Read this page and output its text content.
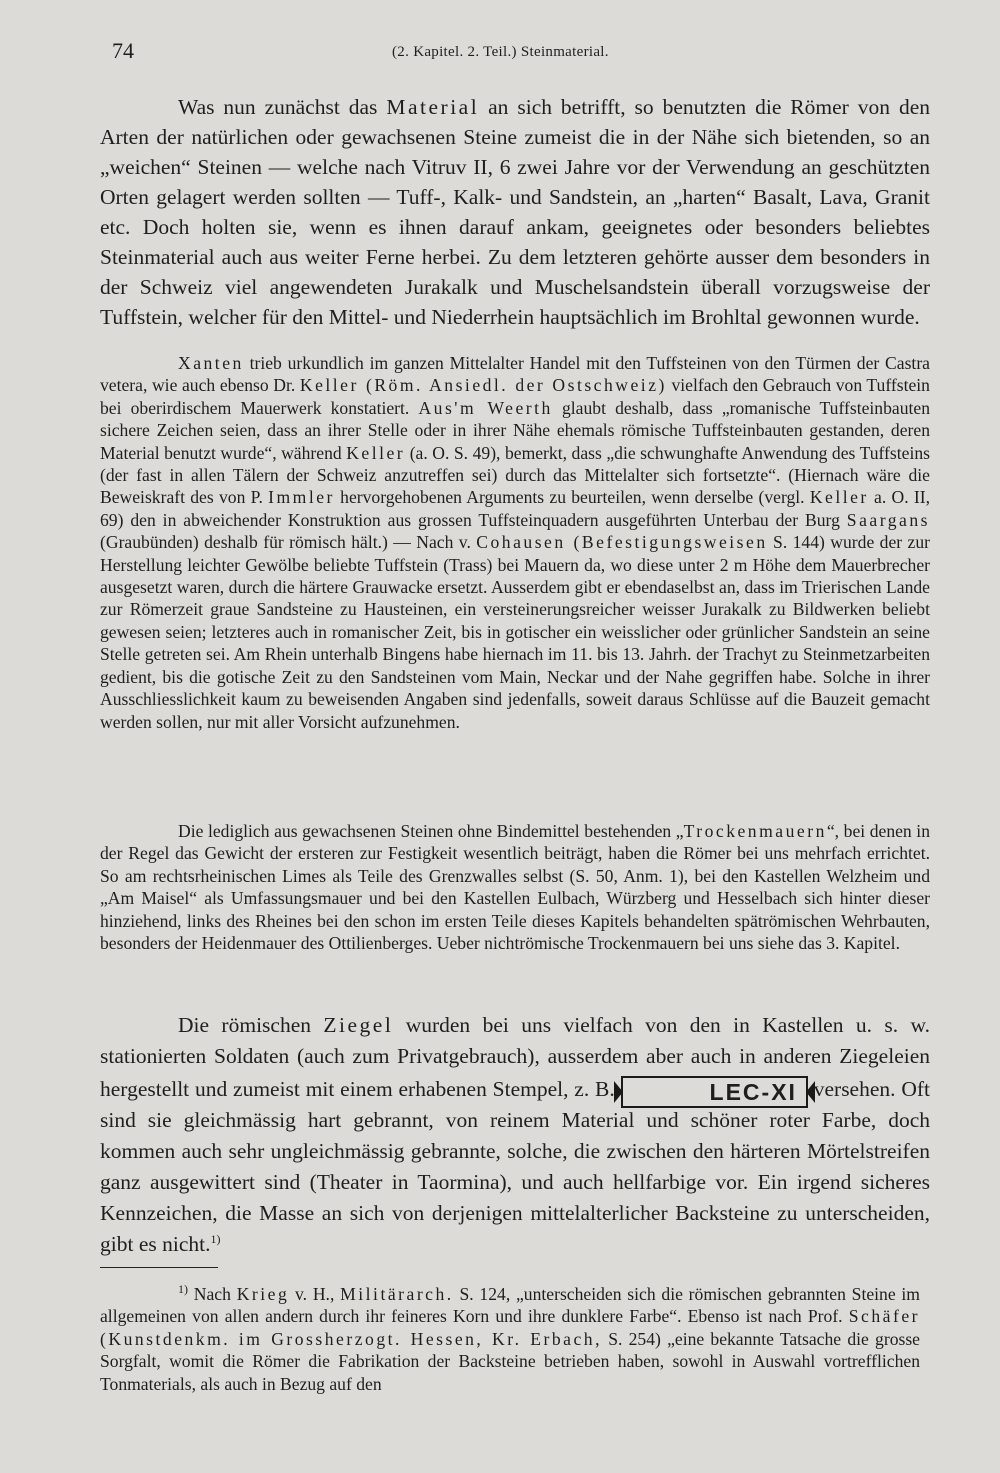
74	(2. Kapitel. 2. Teil.) Steinmaterial.

Was nun zunächst das Material an sich betrifft, so benutzten die Römer von den Arten der natürlichen oder gewachsenen Steine zumeist die in der Nähe sich bietenden, so an „weichen“ Steinen — welche nach Vitruv II, 6 zwei Jahre vor der Verwendung an geschützten Orten gelagert werden sollten — Tuff-, Kalk- und Sandstein, an „harten“ Basalt, Lava, Granit etc. Doch holten sie, wenn es ihnen darauf ankam, geeignetes oder besonders beliebtes Steinmaterial auch aus weiter Ferne herbei. Zu dem letzteren gehörte ausser dem besonders in der Schweiz viel angewendeten Jurakalk und Muschelsandstein überall vorzugsweise der Tuffstein, welcher für den Mittel- und Niederrhein hauptsächlich im Brohltal gewonnen wurde.

Xanten trieb urkundlich im ganzen Mittelalter Handel mit den Tuffsteinen von den Türmen der Castra vetera, wie auch ebenso Dr. Keller (Röm. Ansiedl. der Ostschweiz) vielfach den Gebrauch von Tuffstein bei oberirdischem Mauerwerk konstatiert. Aus'm Weerth glaubt deshalb, dass „romanische Tuffsteinbauten sichere Zeichen seien, dass an ihrer Stelle oder in ihrer Nähe ehemals römische Tuffsteinbauten gestanden, deren Material benutzt wurde“, während Keller (a. O. S. 49), bemerkt, dass „die schwunghafte Anwendung des Tuffsteins (der fast in allen Tälern der Schweiz anzutreffen sei) durch das Mittelalter sich fortsetzte“. (Hiernach wäre die Beweiskraft des von P. Immler hervorgehobenen Arguments zu beurteilen, wenn derselbe (vergl. Keller a. O. II, 69) den in abweichender Konstruktion aus grossen Tuffsteinquadern ausgeführten Unterbau der Burg Saargans (Graubünden) deshalb für römisch hält.) — Nach v. Cohausen (Befestigungsweisen S. 144) wurde der zur Herstellung leichter Gewölbe beliebte Tuffstein (Trass) bei Mauern da, wo diese unter 2 m Höhe dem Mauerbrecher ausgesetzt waren, durch die härtere Grauwacke ersetzt. Ausserdem gibt er ebendaselbst an, dass im Trierischen Lande zur Römerzeit graue Sandsteine zu Hausteinen, ein versteinerungsreicher weisser Jurakalk zu Bildwerken beliebt gewesen seien; letzteres auch in romanischer Zeit, bis in gotischer ein weisslicher oder grünlicher Sandstein an seine Stelle getreten sei. Am Rhein unterhalb Bingens habe hiernach im 11. bis 13. Jahrh. der Trachyt zu Steinmetzarbeiten gedient, bis die gotische Zeit zu den Sandsteinen vom Main, Neckar und der Nahe gegriffen habe. Solche in ihrer Ausschliesslichkeit kaum zu beweisenden Angaben sind jedenfalls, soweit daraus Schlüsse auf die Bauzeit gemacht werden sollen, nur mit aller Vorsicht aufzunehmen.

Die lediglich aus gewachsenen Steinen ohne Bindemittel bestehenden „Trockenmauern“, bei denen in der Regel das Gewicht der ersteren zur Festigkeit wesentlich beiträgt, haben die Römer bei uns mehrfach errichtet. So am rechtsrheinischen Limes als Teile des Grenzwalles selbst (S. 50, Anm. 1), bei den Kastellen Welzheim und „Am Maisel“ als Umfassungsmauer und bei den Kastellen Eulbach, Würzberg und Hesselbach sich hinter dieser hinziehend, links des Rheines bei den schon im ersten Teile dieses Kapitels behandelten spätrömischen Wehrbauten, besonders der Heidenmauer des Ottilienberges. Ueber nichtrömische Trockenmauern bei uns siehe das 3. Kapitel.

Die römischen Ziegel wurden bei uns vielfach von den in Kastellen u. s. w. stationierten Soldaten (auch zum Privatgebrauch), ausserdem aber auch in anderen Ziegeleien hergestellt und zumeist mit einem erhabenen Stempel, z. B.	LEC-XI versehen. Oft sind sie gleichmässig hart gebrannt, von reinem Material und schöner roter Farbe, doch kommen auch sehr ungleichmässig gebrannte, solche, die zwischen den härteren Mörtelstreifen ganz ausgewittert sind (Theater in Taormina), und auch hellfarbige vor. Ein irgend sicheres Kennzeichen, die Masse an sich von derjenigen mittelalterlicher Backsteine zu unterscheiden, gibt es nicht.$^{1)}$

$^{1)}$ Nach Krieg v. H., Militärarch. S. 124, „unterscheiden sich die römischen gebrannten Steine im allgemeinen von allen andern durch ihr feineres Korn und ihre dunklere Farbe“. Ebenso ist nach Prof. Schäfer (Kunstdenkm. im Grossherzogt. Hessen, Kr. Erbach, S. 254) „eine bekannte Tatsache die grosse Sorgfalt, womit die Römer die Fabrikation der Backsteine betrieben haben, sowohl in Auswahl vortrefflichen Tonmaterials, als auch in Bezug auf den
